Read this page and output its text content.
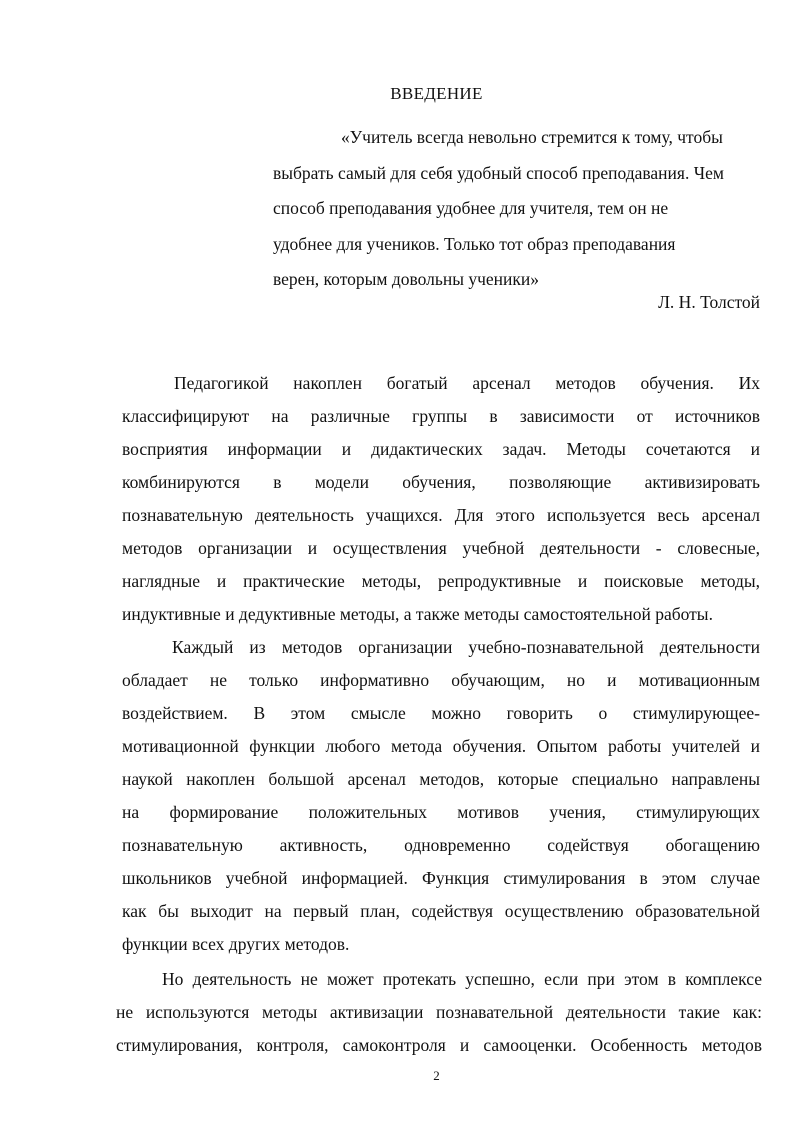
ВВЕДЕНИЕ
«Учитель всегда невольно стремится к тому, чтобы
выбрать самый для себя удобный способ преподавания. Чем
способ преподавания удобнее для учителя, тем он не
удобнее для учеников. Только тот образ преподавания
верен, которым довольны ученики»

Л. Н. Толстой

Педагогикой накоплен богатый арсенал методов обучения. Их
классифицируют на различные группы в зависимости от источников
восприятия информации и дидактических задач. Методы сочетаются и
комбинируются в модели обучения, позволяющие активизировать
познавательную деятельность учащихся. Для этого используется весь арсенал
методов организации и осуществления учебной деятельности - словесные,
наглядные и практические методы, репродуктивные и поисковые методы,
индуктивные и дедуктивные методы, а также методы самостоятельной работы.
Каждый из методов организации учебно-познавательной деятельности
обладает не только информативно обучающим, но и мотивационным
воздействием. В этом смысле можно говорить о стимулирующее-
мотивационной функции любого метода обучения. Опытом работы учителей и
наукой накоплен большой арсенал методов, которые специально направлены
на формирование положительных мотивов учения, стимулирующих
познавательную активность, одновременно содействуя обогащению
школьников учебной информацией. Функция стимулирования в этом случае
как бы выходит на первый план, содействуя осуществлению образовательной
функции всех других методов.
Но деятельность не может протекать успешно, если при этом в комплексе
не используются методы активизации познавательной деятельности такие как:
стимулирования, контроля, самоконтроля и самооценки. Особенность методов

2
